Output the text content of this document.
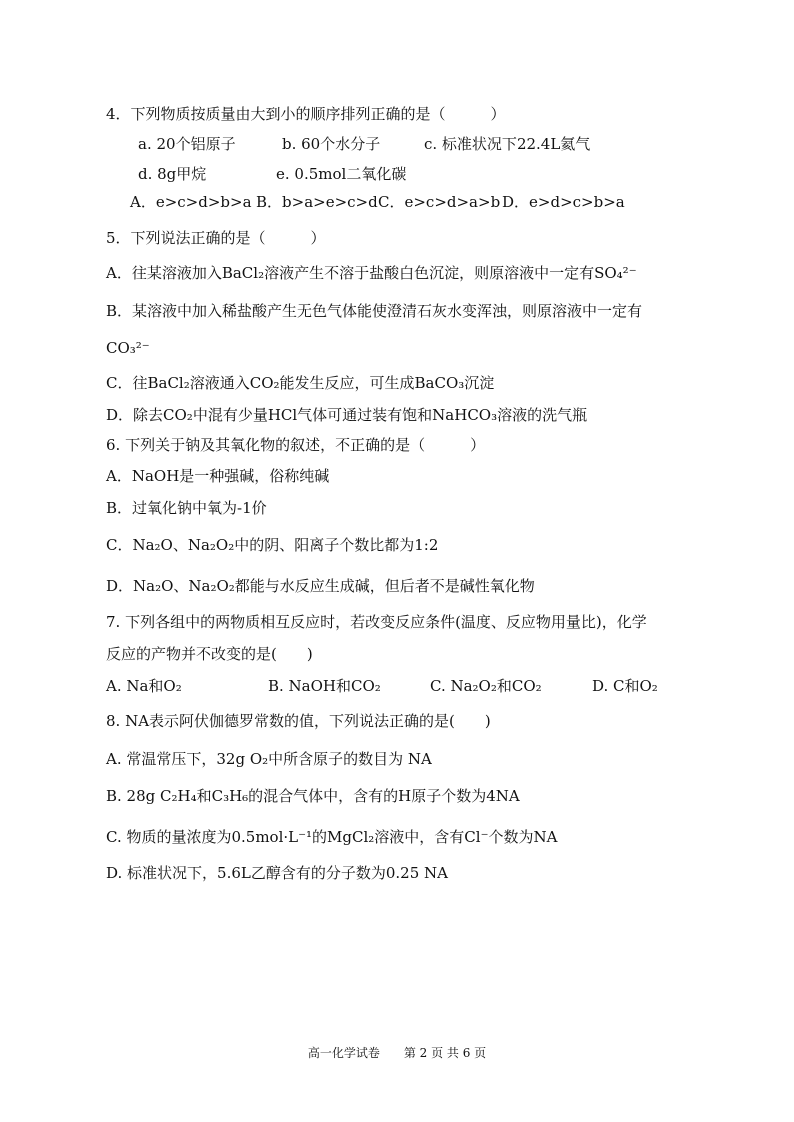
4．下列物质按质量由大到小的顺序排列正确的是（　　　）
a. 20个铝原子	b. 60个水分子	c. 标准状况下22.4L氦气
d. 8g甲烷	e. 0.5mol二氧化碳
A．e>c>d>b>a B．b>a>e>c>d C．e>c>d>a>b D．e>d>c>b>a
5．下列说法正确的是（　　　）
A．往某溶液加入BaCl₂溶液产生不溶于盐酸白色沉淀，则原溶液中一定有SO₄²⁻
B．某溶液中加入稀盐酸产生无色气体能使澄清石灰水变浑浊，则原溶液中一定有
CO₃²⁻
C．往BaCl₂溶液通入CO₂能发生反应，可生成BaCO₃沉淀
D．除去CO₂中混有少量HCl气体可通过装有饱和NaHCO₃溶液的洗气瓶
6. 下列关于钠及其氧化物的叙述，不正确的是（　　　）
A．NaOH是一种强碱，俗称纯碱
B．过氧化钠中氧为-1价
C．Na₂O、Na₂O₂中的阴、阳离子个数比都为1:2
D．Na₂O、Na₂O₂都能与水反应生成碱，但后者不是碱性氧化物
7. 下列各组中的两物质相互反应时，若改变反应条件(温度、反应物用量比)，化学
反应的产物并不改变的是(　　)
A. Na和O₂	B. NaOH和CO₂	C. Na₂O₂和CO₂	D. C和O₂
8. NA表示阿伏伽德罗常数的值，下列说法正确的是(　　)
A. 常温常压下，32g O₂中所含原子的数目为 NA
B. 28g C₂H₄和C₃H₆的混合气体中，含有的H原子个数为4NA
C. 物质的量浓度为0.5mol·L⁻¹的MgCl₂溶液中，含有Cl⁻个数为NA
D. 标准状况下，5.6L乙醇含有的分子数为0.25 NA
高一化学试卷　　第 2 页 共 6 页
